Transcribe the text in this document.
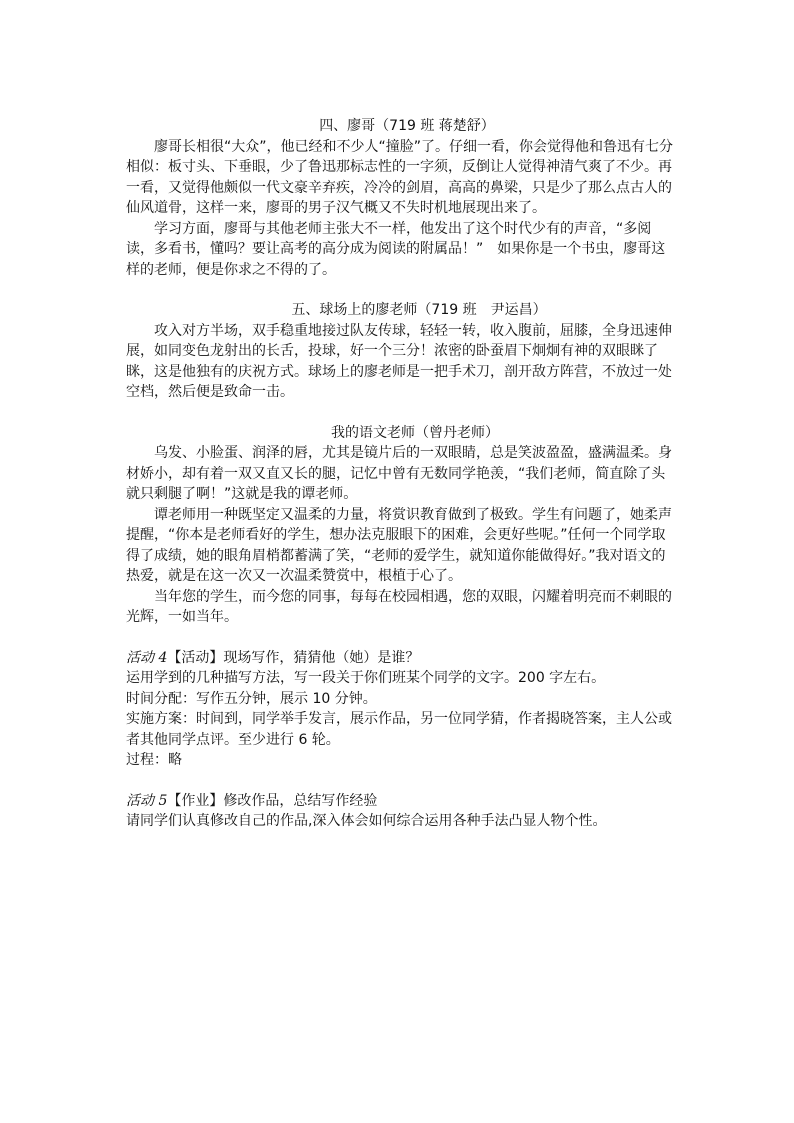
四、廖哥（719 班 蒋楚舒）

廖哥长相很“大众”，他已经和不少人“撞脸”了。仔细一看，你会觉得他和鲁迅有七分相似：板寸头、下垂眼，少了鲁迅那标志性的一字须，反倒让人觉得神清气爽了不少。再一看，又觉得他颇似一代文豪辛弃疾，冷冷的剑眉，高高的鼻梁，只是少了那么点古人的仙风道骨，这样一来，廖哥的男子汉气概又不失时机地展现出来了。

学习方面，廖哥与其他老师主张大不一样，他发出了这个时代少有的声音，“多阅读，多看书，懂吗？要让高考的高分成为阅读的附属品！”　如果你是一个书虫，廖哥这样的老师，便是你求之不得的了。

五、球场上的廖老师（719 班　尹运昌）

攻入对方半场，双手稳重地接过队友传球，轻轻一转，收入腹前，屈膝，全身迅速伸展，如同变色龙射出的长舌，投球，好一个三分！浓密的卧蚕眉下炯炯有神的双眼眯了眯，这是他独有的庆祝方式。球场上的廖老师是一把手术刀，剖开敌方阵营，不放过一处空档，然后便是致命一击。

我的语文老师（曾丹老师）

乌发、小脸蛋、润泽的唇，尤其是镜片后的一双眼睛，总是笑波盈盈，盛满温柔。身材娇小，却有着一双又直又长的腿，记忆中曾有无数同学艳羡，“我们老师，简直除了头就只剩腿了啊！”这就是我的谭老师。

谭老师用一种既坚定又温柔的力量，将赏识教育做到了极致。学生有问题了，她柔声提醒，“你本是老师看好的学生，想办法克服眼下的困难，会更好些呢。”任何一个同学取得了成绩，她的眼角眉梢都蓄满了笑，“老师的爱学生，就知道你能做得好。”我对语文的热爱，就是在这一次又一次温柔赞赏中，根植于心了。

当年您的学生，而今您的同事，每每在校园相遇，您的双眼，闪耀着明亮而不刺眼的光辉，一如当年。

活动 4【活动】现场写作，猜猜他（她）是谁？

运用学到的几种描写方法，写一段关于你们班某个同学的文字。200 字左右。

时间分配：写作五分钟，展示 10 分钟。

实施方案：时间到，同学举手发言，展示作品，另一位同学猜，作者揭晓答案，主人公或者其他同学点评。至少进行 6 轮。

过程：略

活动 5【作业】修改作品，总结写作经验

请同学们认真修改自己的作品,深入体会如何综合运用各种手法凸显人物个性。
